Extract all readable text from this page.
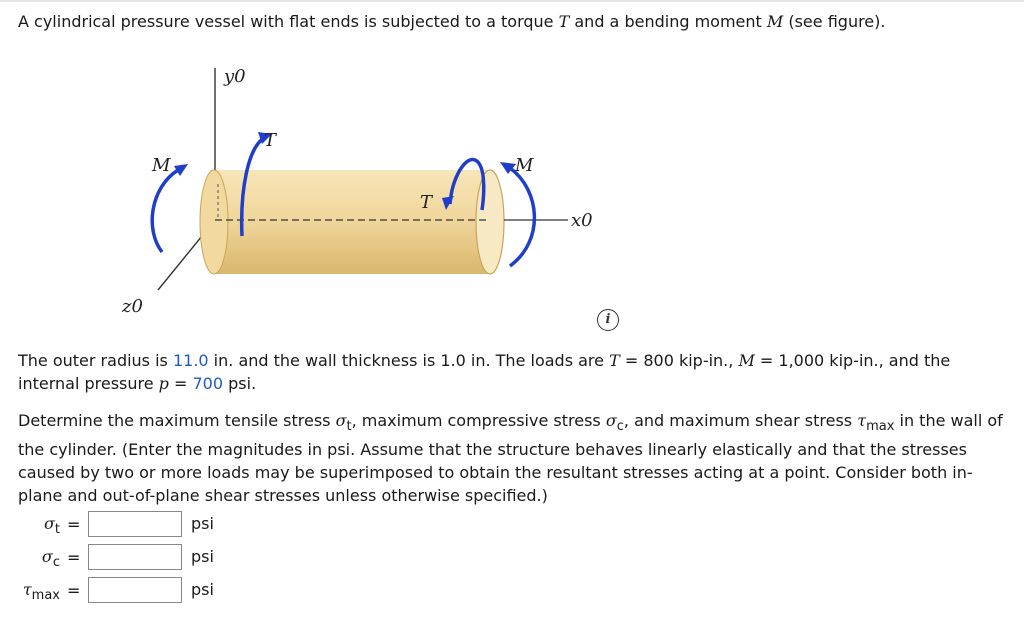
A cylindrical pressure vessel with flat ends is subjected to a torque T and a bending moment M (see figure).

y0
T
M	M
T
x0
z0
i

The outer radius is 11.0 in. and the wall thickness is 1.0 in. The loads are T = 800 kip-in., M = 1,000 kip-in., and the internal pressure p = 700 psi.

Determine the maximum tensile stress $\sigma_t$, maximum compressive stress $\sigma_c$, and maximum shear stress $\tau_{max}$ in the wall of the cylinder. (Enter the magnitudes in psi. Assume that the structure behaves linearly elastically and that the stresses caused by two or more loads may be superimposed to obtain the resultant stresses acting at a point. Consider both in-plane and out-of-plane shear stresses unless otherwise specified.)

$\sigma_t$ =	psi
$\sigma_c$ =	psi
$\tau_{max}$ =	psi
